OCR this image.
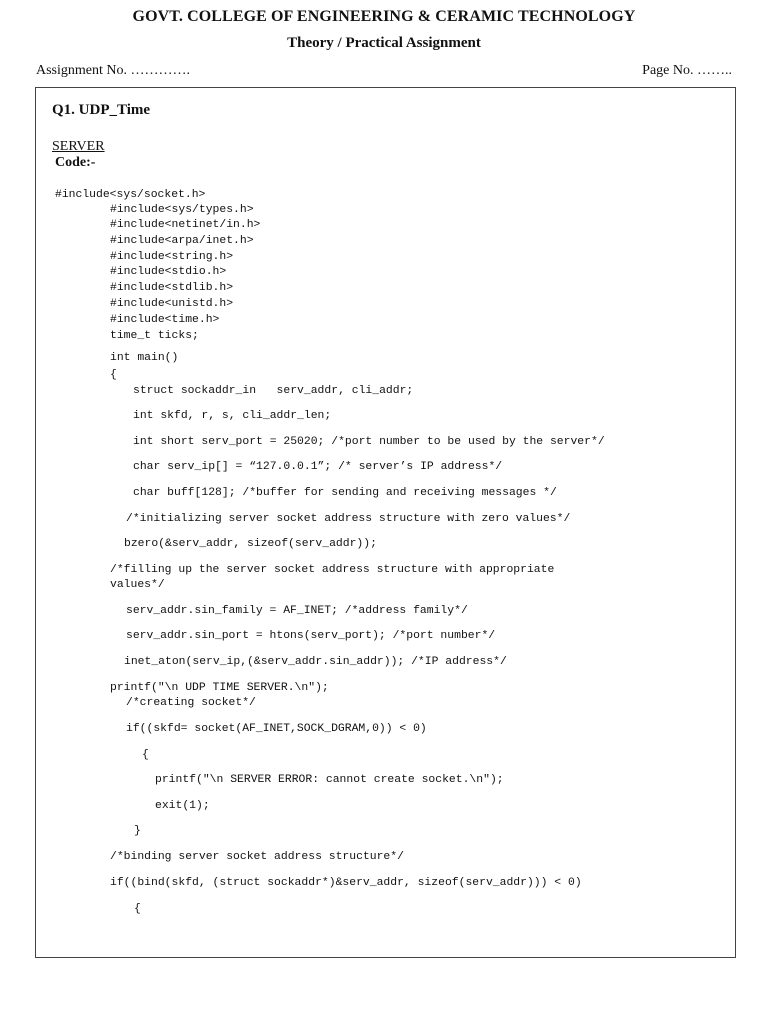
GOVT. COLLEGE OF ENGINEERING & CERAMIC TECHNOLOGY
Theory / Practical Assignment
Assignment No. ………….	Page No. ……..
Q1. UDP_Time
SERVER
Code:-
#include<sys/socket.h>
#include<sys/types.h>
#include<netinet/in.h>
#include<arpa/inet.h>
#include<string.h>
#include<stdio.h>
#include<stdlib.h>
#include<unistd.h>
#include<time.h>
time_t ticks;
int main()
{
struct sockaddr_in   serv_addr, cli_addr;
int skfd, r, s, cli_addr_len;
int short serv_port = 25020; /*port number to be used by the server*/
char serv_ip[] = “127.0.0.1”; /* server’s IP address*/
char buff[128]; /*buffer for sending and receiving messages */
/*initializing server socket address structure with zero values*/
bzero(&serv_addr, sizeof(serv_addr));
/*filling up the server socket address structure with appropriate
values*/
serv_addr.sin_family = AF_INET; /*address family*/
serv_addr.sin_port = htons(serv_port); /*port number*/
inet_aton(serv_ip,(&serv_addr.sin_addr)); /*IP address*/
printf("\n UDP TIME SERVER.\n");
/*creating socket*/
if((skfd= socket(AF_INET,SOCK_DGRAM,0)) < 0)
{
printf("\n SERVER ERROR: cannot create socket.\n");
exit(1);
}
/*binding server socket address structure*/
if((bind(skfd, (struct sockaddr*)&serv_addr, sizeof(serv_addr))) < 0)
{
